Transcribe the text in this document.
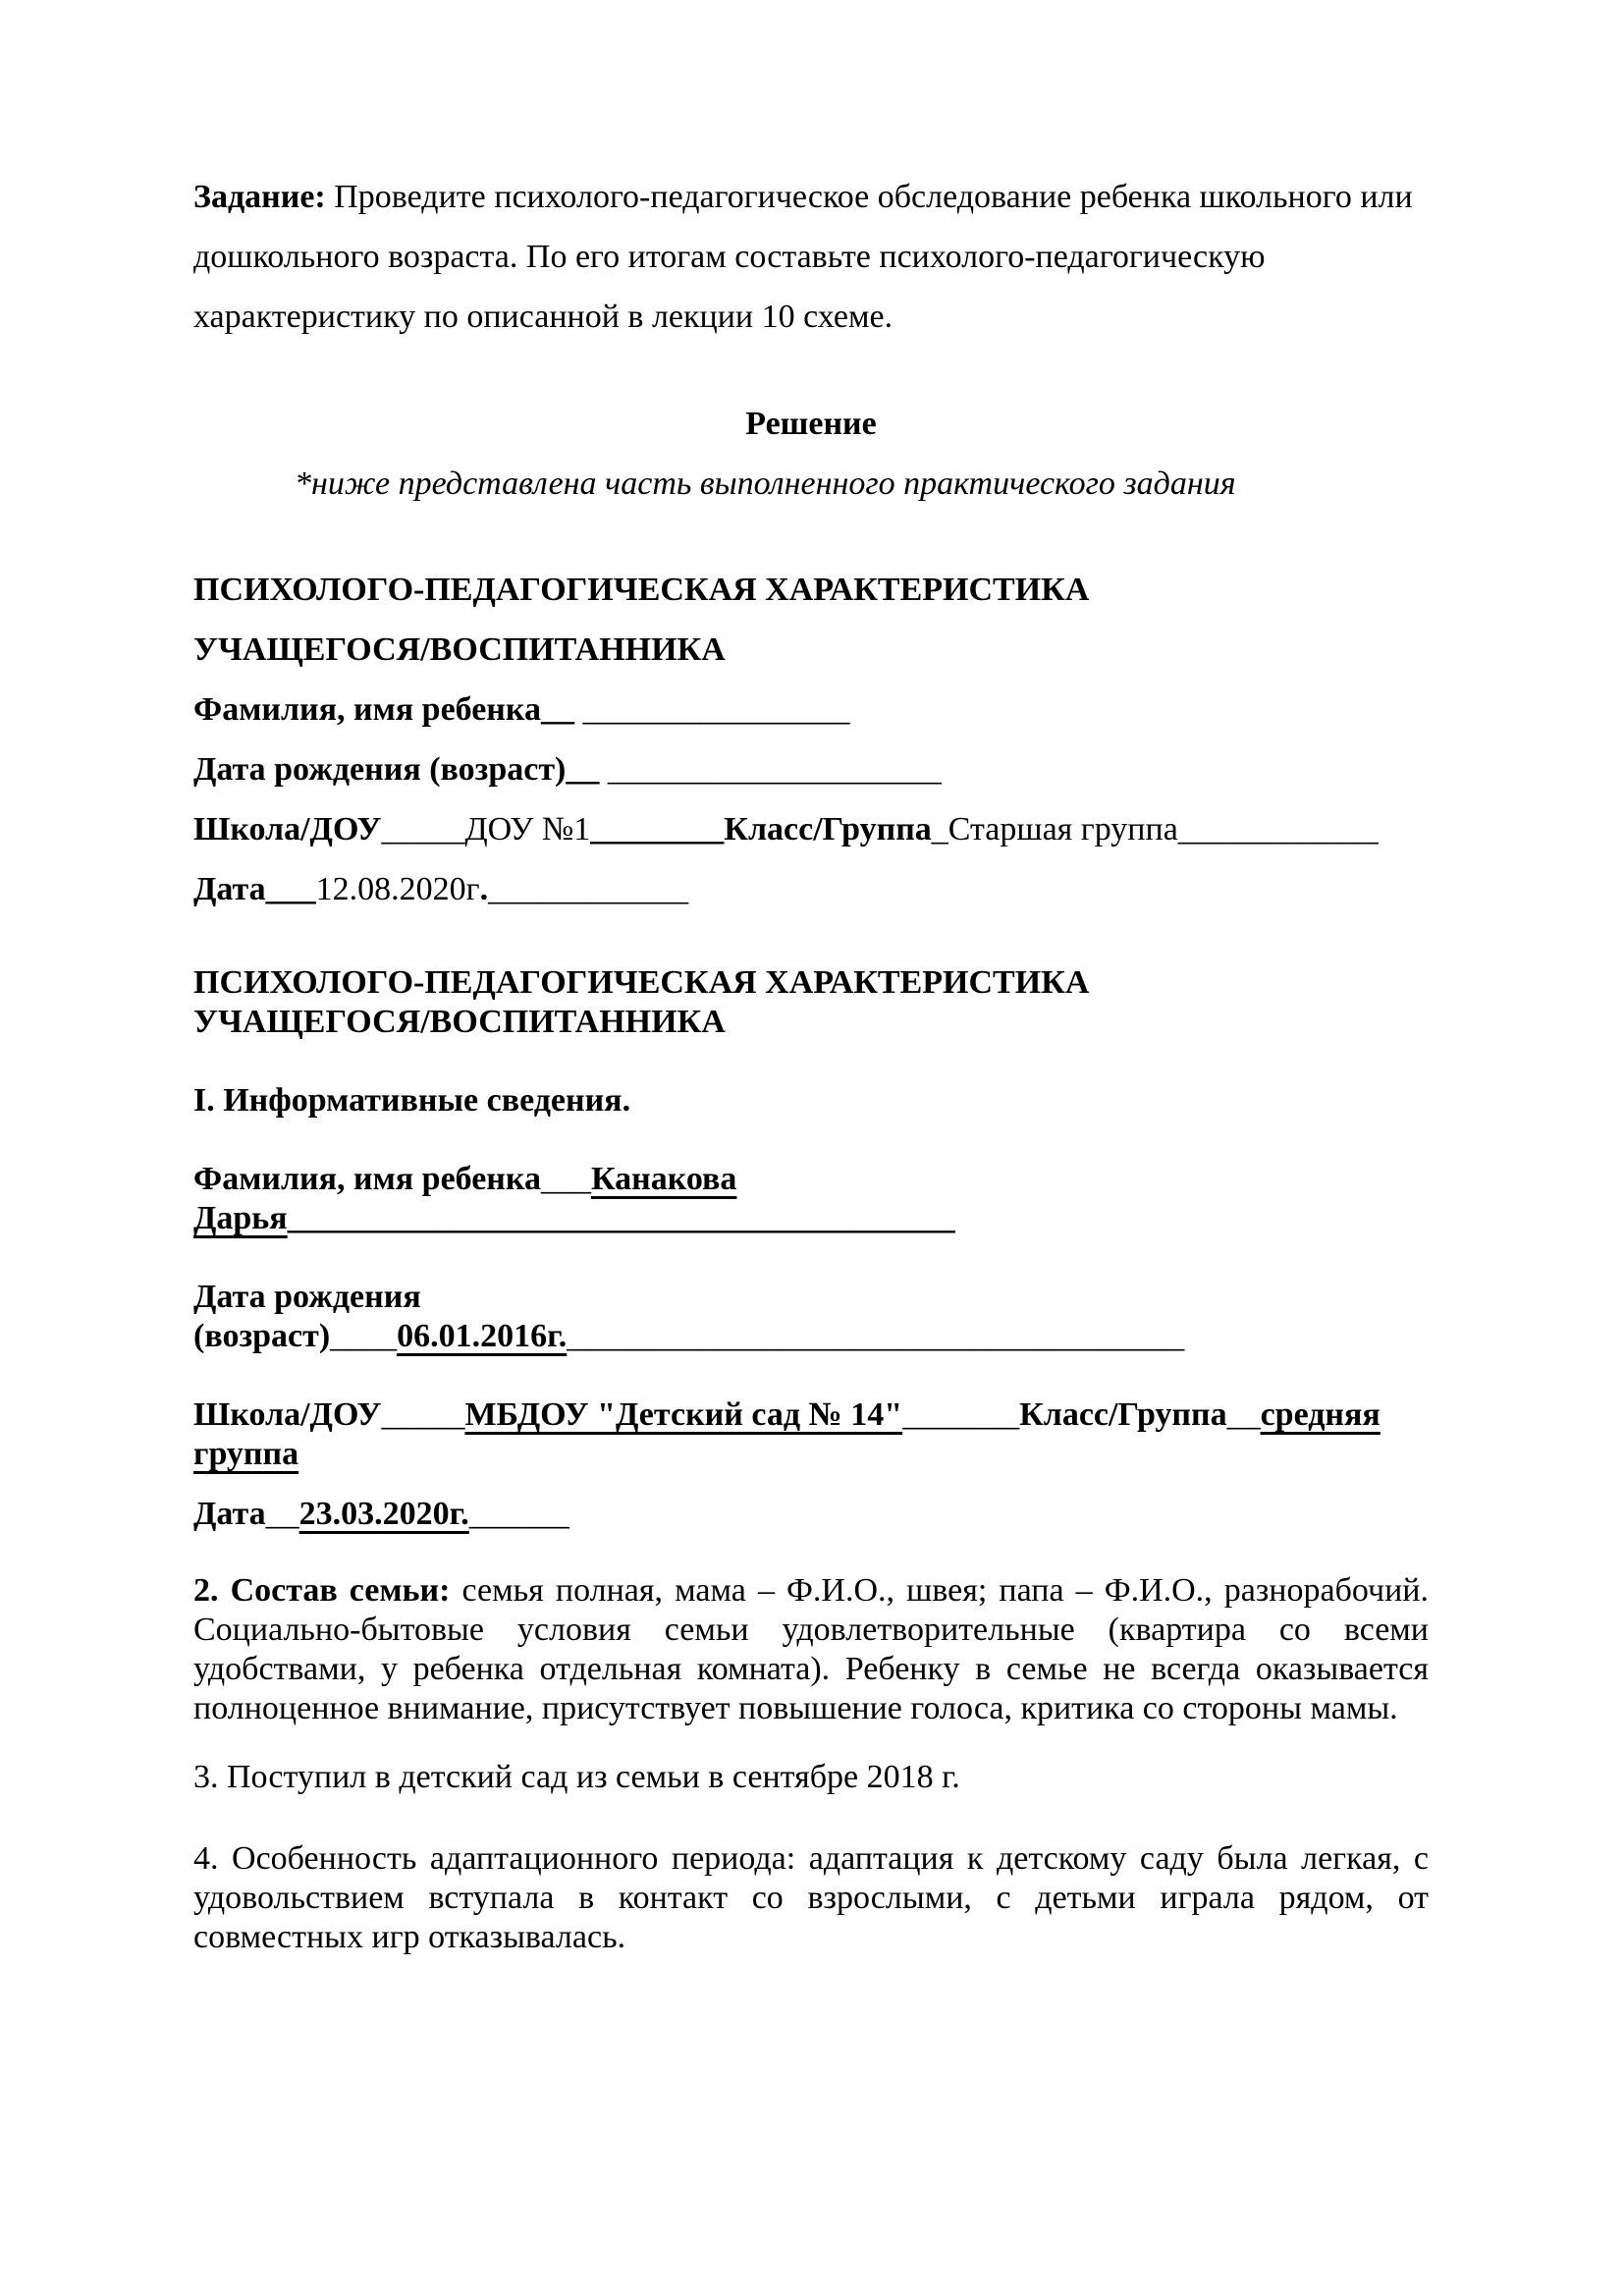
Задание: Проведите психолого-педагогическое обследование ребенка школьного или дошкольного возраста. По его итогам составьте психолого-педагогическую характеристику по описанной в лекции 10 схеме.

Решение

*ниже представлена часть выполненного практического задания

ПСИХОЛОГО-ПЕДАГОГИЧЕСКАЯ ХАРАКТЕРИСТИКА

УЧАЩЕГОСЯ/ВОСПИТАННИКА

Фамилия, имя ребенка__ ________________

Дата рождения (возраст)__ ____________________

Школа/ДОУ_____ДОУ №1________Класс/Группа_Старшая группа____________

Дата___12.08.2020г.____________

ПСИХОЛОГО-ПЕДАГОГИЧЕСКАЯ ХАРАКТЕРИСТИКА

УЧАЩЕГОСЯ/ВОСПИТАННИКА

I. Информативные сведения.

Фамилия, имя ребенка___Канакова

Дарья________________________________________

Дата рождения

(возраст)____06.01.2016г._____________________________________

Школа/ДОУ_____МБДОУ "Детский сад № 14"_______Класс/Группа__средняя

группа

Дата__23.03.2020г.______

2. Состав семьи: семья полная, мама – Ф.И.О., швея; папа – Ф.И.О., разнорабочий. Социально-бытовые условия семьи удовлетворительные (квартира со всеми удобствами, у ребенка отдельная комната). Ребенку в семье не всегда оказывается полноценное внимание, присутствует повышение голоса, критика со стороны мамы.

3. Поступил в детский сад из семьи в сентябре 2018 г.

4. Особенность адаптационного периода: адаптация к детскому саду была легкая, с удовольствием вступала в контакт со взрослыми, с детьми играла рядом, от совместных игр отказывалась.
